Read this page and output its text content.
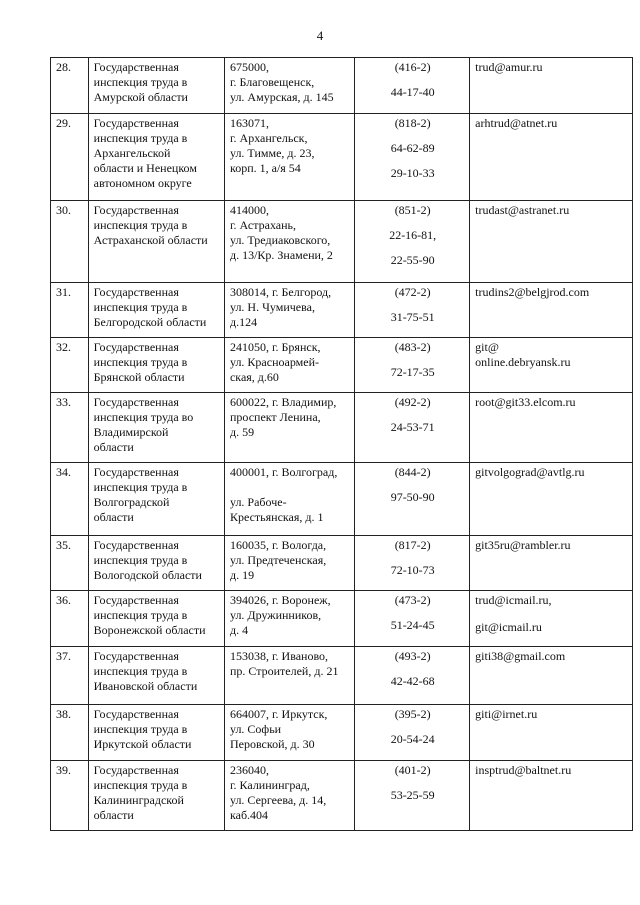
4
28.	Государственная
инспекция труда в
Амурской области	675000,
г. Благовещенск,
ул. Амурская, д. 145	(416-2)
44-17-40	trud@amur.ru

29.	Государственная
инспекция труда в
Архангельской
области и Ненецком
автономном округе	163071,
г. Архангельск,
ул. Тимме, д. 23,
корп. 1, а/я 54	(818-2)
64-62-89
29-10-33	arhtrud@atnet.ru

30.	Государственная
инспекция труда в
Астраханской области	414000,
г. Астрахань,
ул. Тредиаковского,
д. 13/Кр. Знамени, 2	(851-2)
22-16-81,
22-55-90	trudast@astranet.ru

31.	Государственная
инспекция труда в
Белгородской области	308014, г. Белгород,
ул. Н. Чумичева,
д.124	(472-2)
31-75-51	trudins2@belgjrod.com

32.	Государственная
инспекция труда в
Брянской области	241050, г. Брянск,
ул. Красноармей-
ская, д.60	(483-2)
72-17-35	git@
online.debryansk.ru

33.	Государственная
инспекция труда во
Владимирской
области	600022, г. Владимир,
проспект Ленина,
д. 59	(492-2)
24-53-71	root@git33.elcom.ru

34.	Государственная
инспекция труда в
Волгоградской
области	400001, г. Волгоград,

ул. Рабоче-
Крестьянская, д. 1	(844-2)
97-50-90	gitvolgograd@avtlg.ru

35.	Государственная
инспекция труда в
Вологодской области	160035, г. Вологда,
ул. Предтеченская,
д. 19	(817-2)
72-10-73	git35ru@rambler.ru

36.	Государственная
инспекция труда в
Воронежской области	394026, г. Воронеж,
ул. Дружинников,
д. 4	(473-2)
51-24-45	trud@icmail.ru,
git@icmail.ru

37.	Государственная
инспекция труда в
Ивановской области	153038, г. Иваново,
пр. Строителей, д. 21	(493-2)
42-42-68	giti38@gmail.com

38.	Государственная
инспекция труда в
Иркутской области	664007, г. Иркутск,
ул. Софьи
Перовской, д. 30	(395-2)
20-54-24	giti@irnet.ru

39.	Государственная
инспекция труда в
Калининградской
области	236040,
г. Калининград,
ул. Сергеева, д. 14,
каб.404	(401-2)
53-25-59	insptrud@baltnet.ru
